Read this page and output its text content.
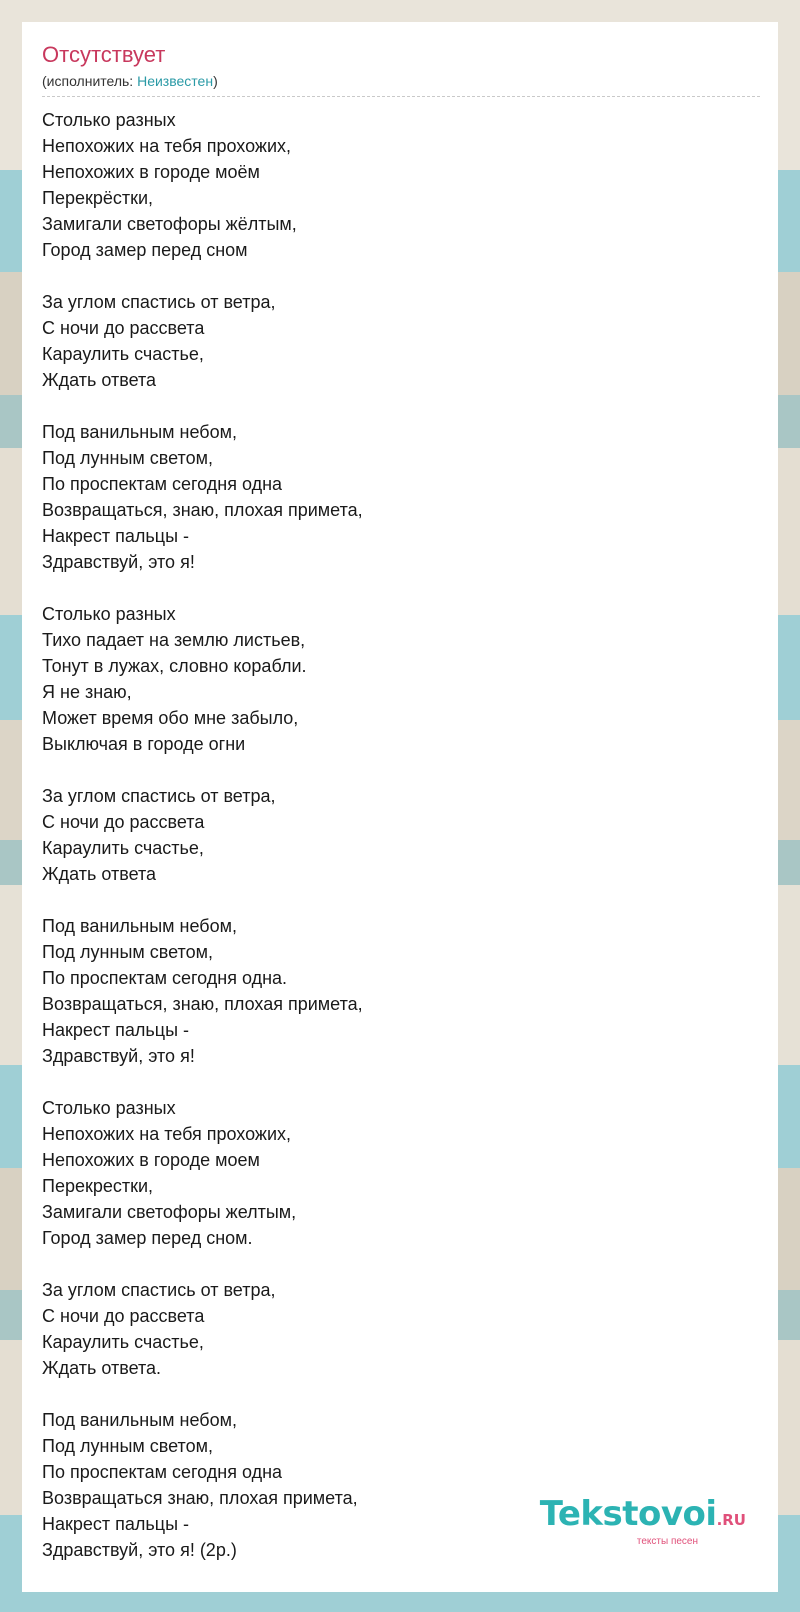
Отсутствует
(исполнитель: Неизвестен)
Столько разных
Непохожих на тебя прохожих,
Непохожих в городе моём
Перекрёстки,
Замигали светофоры жёлтым,
Город замер перед сном
За углом спастись от ветра,
С ночи до рассвета
Караулить счастье,
Ждать ответа
Под ванильным небом,
Под лунным светом,
По проспектам сегодня одна
Возвращаться, знаю, плохая примета,
Накрест пальцы -
Здравствуй, это я!
Столько разных
Тихо падает на землю листьев,
Тонут в лужах, словно корабли.
Я не знаю,
Может время обо мне забыло,
Выключая в городе огни
За углом спастись от ветра,
С ночи до рассвета
Караулить счастье,
Ждать ответа
Под ванильным небом,
Под лунным светом,
По проспектам сегодня одна.
Возвращаться, знаю, плохая примета,
Накрест пальцы -
Здравствуй, это я!
Столько разных
Непохожих на тебя прохожих,
Непохожих в городе моем
Перекрестки,
Замигали светофоры желтым,
Город замер перед сном.
За углом спастись от ветра,
С ночи до рассвета
Караулить счастье,
Ждать ответа.
Под ванильным небом,
Под лунным светом,
По проспектам сегодня одна
Возвращаться знаю, плохая примета,
Накрест пальцы -
Здравствуй, это я! (2р.)
Tekstovoi.RU
тексты песен
